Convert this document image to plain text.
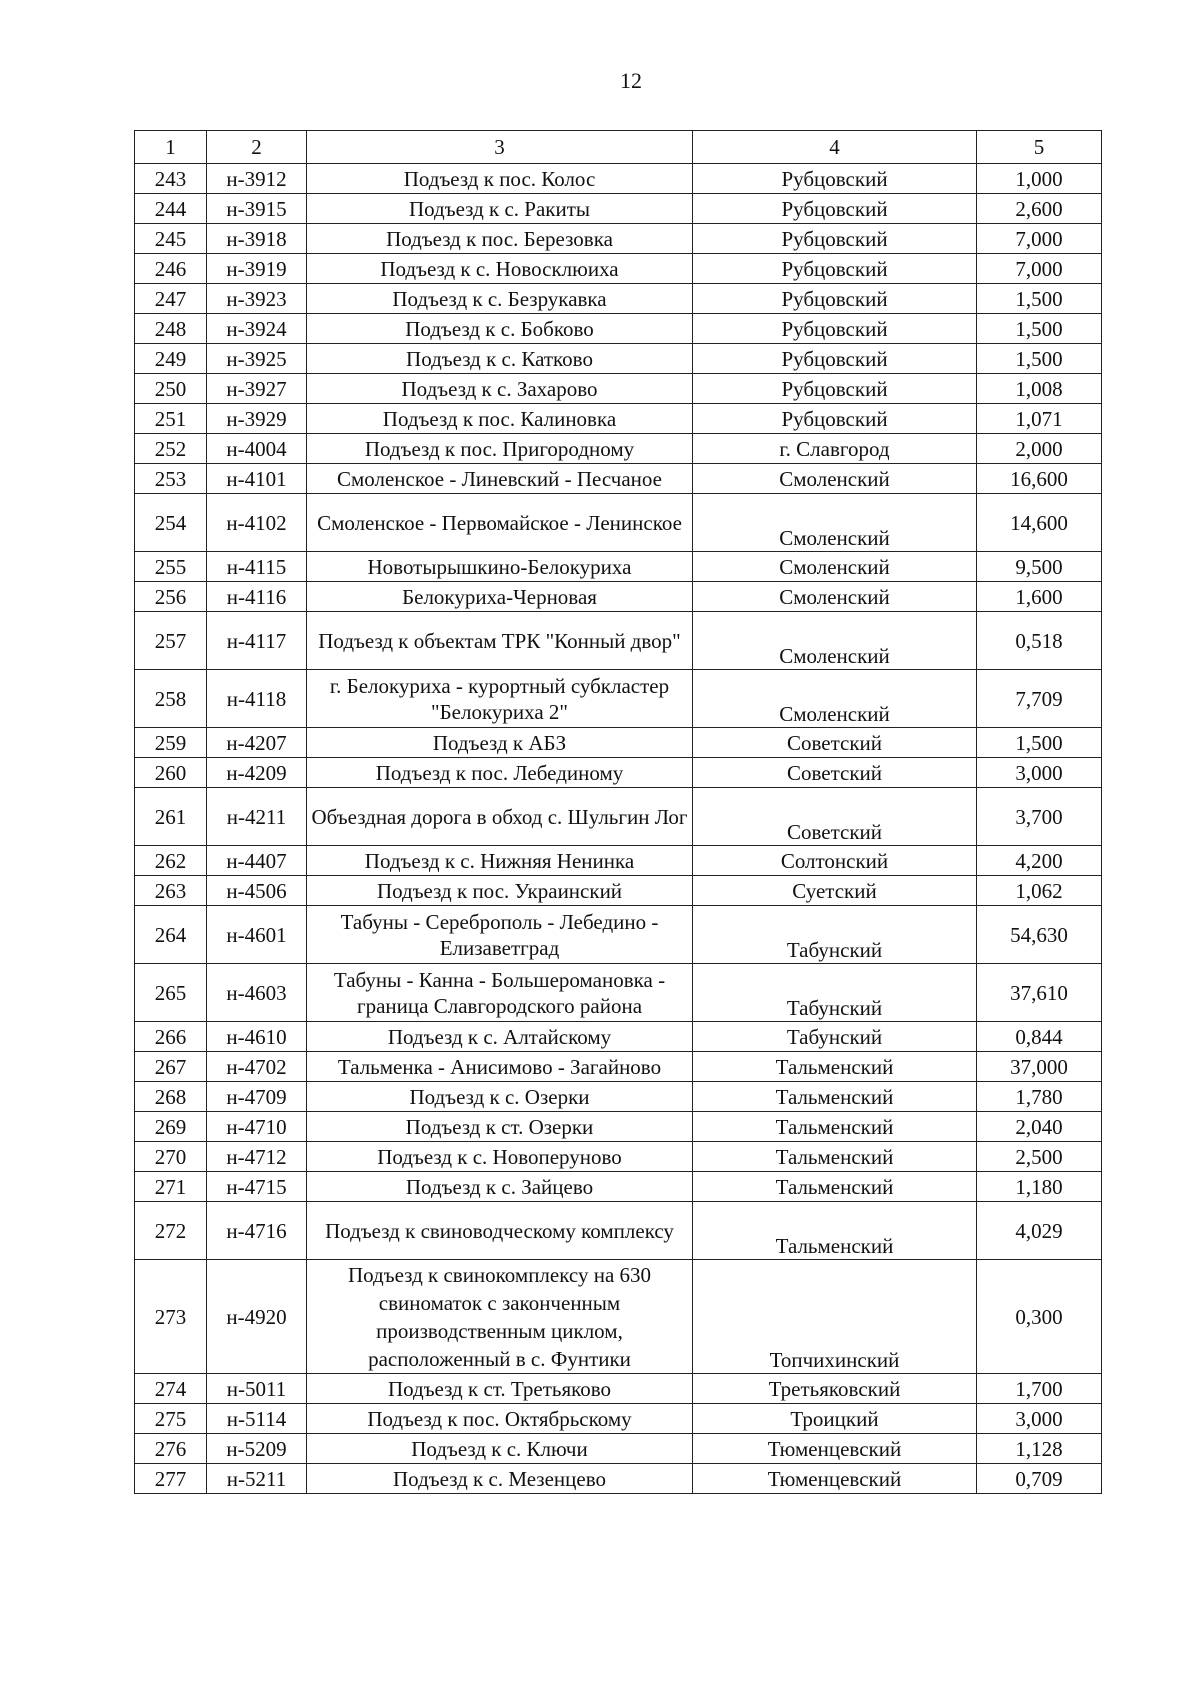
12
1	2	3	4	5
243	н-3912	Подъезд к пос. Колос	Рубцовский	1,000
244	н-3915	Подъезд к с. Ракиты	Рубцовский	2,600
245	н-3918	Подъезд к пос. Березовка	Рубцовский	7,000
246	н-3919	Подъезд к с. Новосклюиха	Рубцовский	7,000
247	н-3923	Подъезд к с. Безрукавка	Рубцовский	1,500
248	н-3924	Подъезд к с. Бобково	Рубцовский	1,500
249	н-3925	Подъезд к с. Катково	Рубцовский	1,500
250	н-3927	Подъезд к с. Захарово	Рубцовский	1,008
251	н-3929	Подъезд к пос. Калиновка	Рубцовский	1,071
252	н-4004	Подъезд к пос. Пригородному	г. Славгород	2,000
253	н-4101	Смоленское - Линевский - Песчаное	Смоленский	16,600
254	н-4102	Смоленское - Первомайское - Ленинское	Смоленский	14,600
255	н-4115	Новотырышкино-Белокуриха	Смоленский	9,500
256	н-4116	Белокуриха-Черновая	Смоленский	1,600
257	н-4117	Подъезд к объектам ТРК "Конный двор"	Смоленский	0,518
258	н-4118	г. Белокуриха - курортный субкластер "Белокуриха 2"	Смоленский	7,709
259	н-4207	Подъезд к АБЗ	Советский	1,500
260	н-4209	Подъезд к пос. Лебединому	Советский	3,000
261	н-4211	Объездная дорога в обход с. Шульгин Лог	Советский	3,700
262	н-4407	Подъезд к с. Нижняя Ненинка	Солтонский	4,200
263	н-4506	Подъезд к пос. Украинский	Суетский	1,062
264	н-4601	Табуны - Сереброполь - Лебедино - Елизаветград	Табунский	54,630
265	н-4603	Табуны - Канна - Большеромановка - граница Славгородского района	Табунский	37,610
266	н-4610	Подъезд к с. Алтайскому	Табунский	0,844
267	н-4702	Тальменка - Анисимово - Загайново	Тальменский	37,000
268	н-4709	Подъезд к с. Озерки	Тальменский	1,780
269	н-4710	Подъезд к ст. Озерки	Тальменский	2,040
270	н-4712	Подъезд к с. Новоперуново	Тальменский	2,500
271	н-4715	Подъезд к с. Зайцево	Тальменский	1,180
272	н-4716	Подъезд к свиноводческому комплексу	Тальменский	4,029
273	н-4920	Подъезд к свинокомплексу на 630 свиноматок с законченным производственным циклом, расположенный в с. Фунтики	Топчихинский	0,300
274	н-5011	Подъезд к ст. Третьяково	Третьяковский	1,700
275	н-5114	Подъезд к пос. Октябрьскому	Троицкий	3,000
276	н-5209	Подъезд к с. Ключи	Тюменцевский	1,128
277	н-5211	Подъезд к с. Мезенцево	Тюменцевский	0,709
